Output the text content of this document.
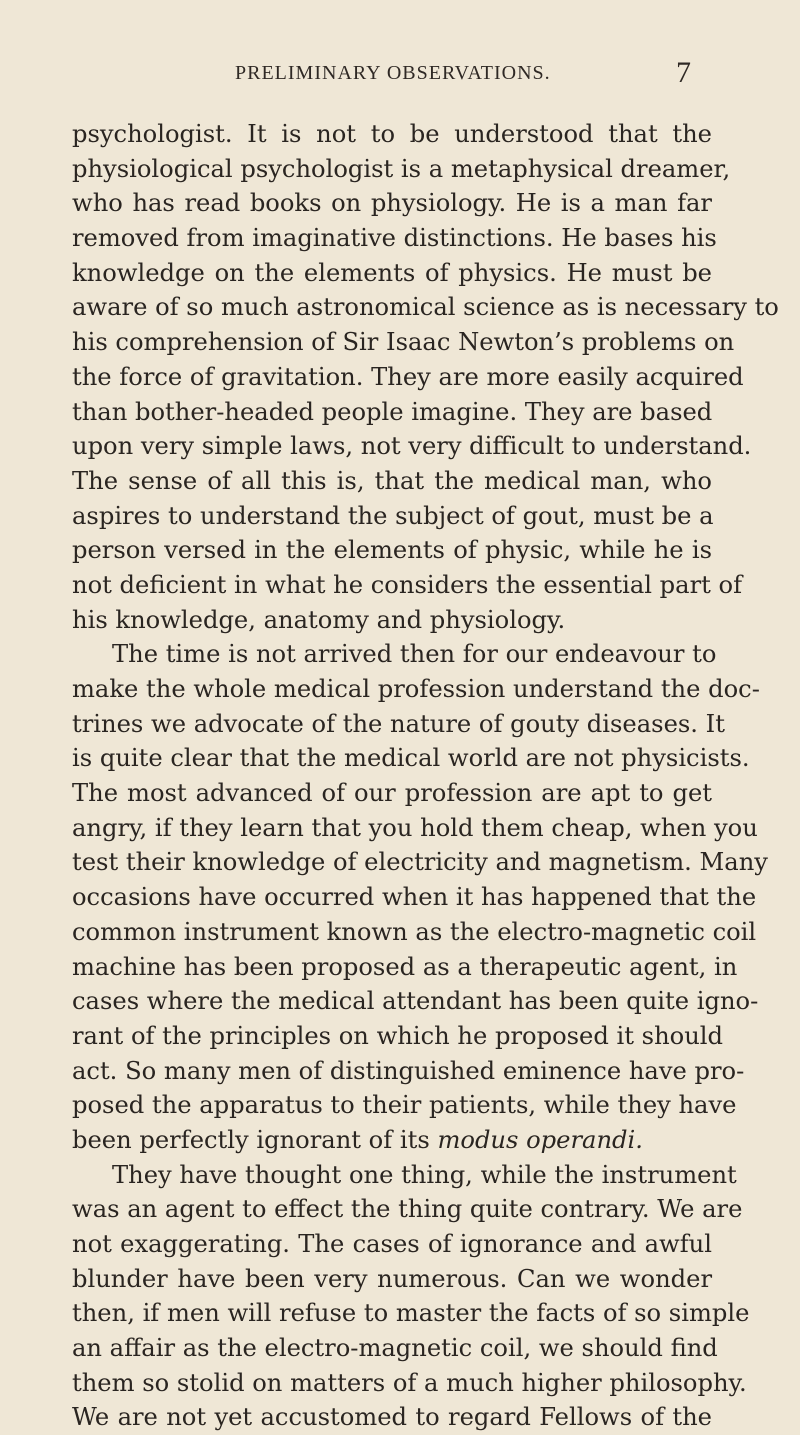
PRELIMINARY OBSERVATIONS.	7
psychologist. It is not to be understood that the
physiological psychologist is a metaphysical dreamer,
who has read books on physiology. He is a man far
removed from imaginative distinctions. He bases his
knowledge on the elements of physics. He must be
aware of so much astronomical science as is necessary to
his comprehension of Sir Isaac Newton’s problems on
the force of gravitation. They are more easily acquired
than bother-headed people imagine. They are based
upon very simple laws, not very difficult to understand.
The sense of all this is, that the medical man, who
aspires to understand the subject of gout, must be a
person versed in the elements of physic, while he is
not deficient in what he considers the essential part of
his knowledge, anatomy and physiology.
The time is not arrived then for our endeavour to
make the whole medical profession understand the doc-
trines we advocate of the nature of gouty diseases. It
is quite clear that the medical world are not physicists.
The most advanced of our profession are apt to get
angry, if they learn that you hold them cheap, when you
test their knowledge of electricity and magnetism. Many
occasions have occurred when it has happened that the
common instrument known as the electro-magnetic coil
machine has been proposed as a therapeutic agent, in
cases where the medical attendant has been quite igno-
rant of the principles on which he proposed it should
act. So many men of distinguished eminence have pro-
posed the apparatus to their patients, while they have
been perfectly ignorant of its modus operandi.
They have thought one thing, while the instrument
was an agent to effect the thing quite contrary. We are
not exaggerating. The cases of ignorance and awful
blunder have been very numerous. Can we wonder
then, if men will refuse to master the facts of so simple
an affair as the electro-magnetic coil, we should find
them so stolid on matters of a much higher philosophy.
We are not yet accustomed to regard Fellows of the
